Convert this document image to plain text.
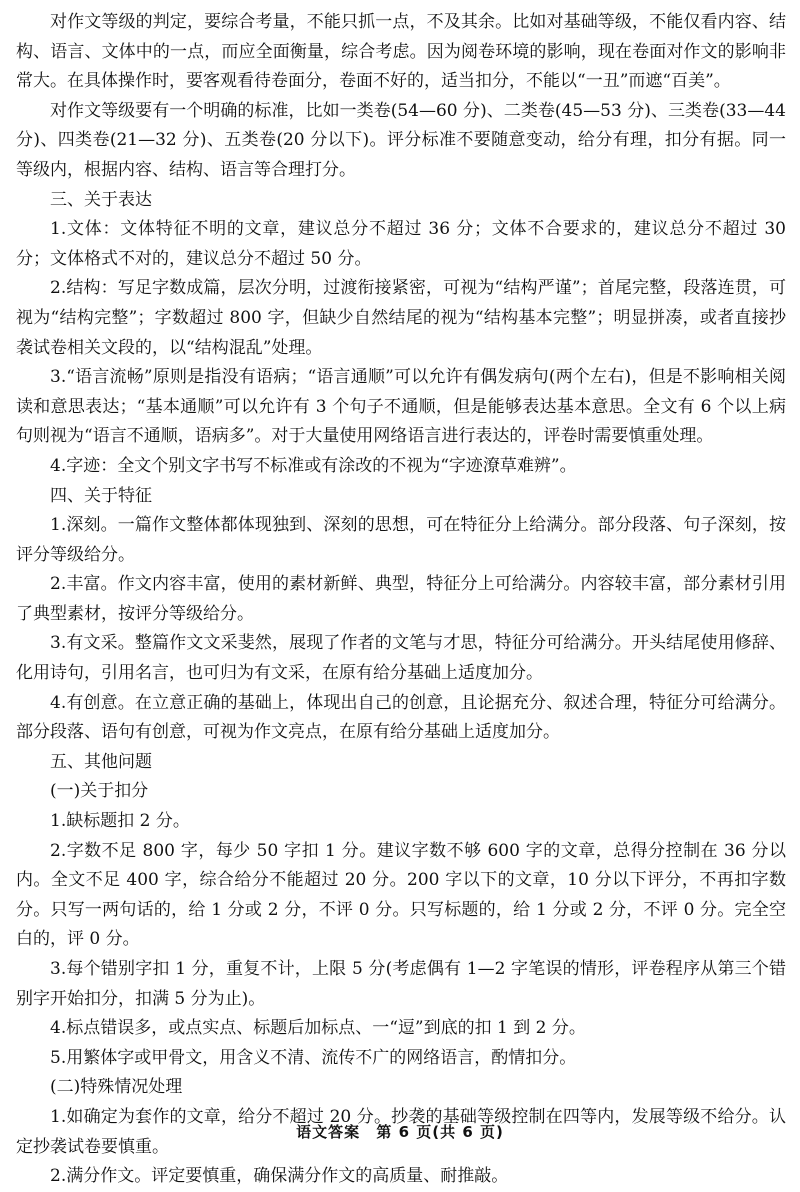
对作文等级的判定，要综合考量，不能只抓一点，不及其余。比如对基础等级，不能仅看内容、结构、语言、文体中的一点，而应全面衡量，综合考虑。因为阅卷环境的影响，现在卷面对作文的影响非常大。在具体操作时，要客观看待卷面分，卷面不好的，适当扣分，不能以“一丑”而遮“百美”。

对作文等级要有一个明确的标准，比如一类卷(54—60 分)、二类卷(45—53 分)、三类卷(33—44 分)、四类卷(21—32 分)、五类卷(20 分以下)。评分标准不要随意变动，给分有理，扣分有据。同一等级内，根据内容、结构、语言等合理打分。

三、关于表达

1.文体：文体特征不明的文章，建议总分不超过 36 分；文体不合要求的，建议总分不超过 30 分；文体格式不对的，建议总分不超过 50 分。

2.结构：写足字数成篇，层次分明，过渡衔接紧密，可视为“结构严谨”；首尾完整，段落连贯，可视为“结构完整”；字数超过 800 字，但缺少自然结尾的视为“结构基本完整”；明显拼凑，或者直接抄袭试卷相关文段的，以“结构混乱”处理。

3.“语言流畅”原则是指没有语病；“语言通顺”可以允许有偶发病句(两个左右)，但是不影响相关阅读和意思表达；“基本通顺”可以允许有 3 个句子不通顺，但是能够表达基本意思。全文有 6 个以上病句则视为“语言不通顺，语病多”。对于大量使用网络语言进行表达的，评卷时需要慎重处理。

4.字迹：全文个别文字书写不标准或有涂改的不视为“字迹潦草难辨”。

四、关于特征

1.深刻。一篇作文整体都体现独到、深刻的思想，可在特征分上给满分。部分段落、句子深刻，按评分等级给分。

2.丰富。作文内容丰富，使用的素材新鲜、典型，特征分上可给满分。内容较丰富，部分素材引用了典型素材，按评分等级给分。

3.有文采。整篇作文文采斐然，展现了作者的文笔与才思，特征分可给满分。开头结尾使用修辞、化用诗句，引用名言，也可归为有文采，在原有给分基础上适度加分。

4.有创意。在立意正确的基础上，体现出自己的创意，且论据充分、叙述合理，特征分可给满分。部分段落、语句有创意，可视为作文亮点，在原有给分基础上适度加分。

五、其他问题

(一)关于扣分

1.缺标题扣 2 分。

2.字数不足 800 字，每少 50 字扣 1 分。建议字数不够 600 字的文章，总得分控制在 36 分以内。全文不足 400 字，综合给分不能超过 20 分。200 字以下的文章，10 分以下评分，不再扣字数分。只写一两句话的，给 1 分或 2 分，不评 0 分。只写标题的，给 1 分或 2 分，不评 0 分。完全空白的，评 0 分。

3.每个错别字扣 1 分，重复不计，上限 5 分(考虑偶有 1—2 字笔误的情形，评卷程序从第三个错别字开始扣分，扣满 5 分为止)。

4.标点错误多，或点实点、标题后加标点、一“逗”到底的扣 1 到 2 分。

5.用繁体字或甲骨文，用含义不清、流传不广的网络语言，酌情扣分。

(二)特殊情况处理

1.如确定为套作的文章，给分不超过 20 分。抄袭的基础等级控制在四等内，发展等级不给分。认定抄袭试卷要慎重。

2.满分作文。评定要慎重，确保满分作文的高质量、耐推敲。

语文答案 第 6 页(共 6 页)
